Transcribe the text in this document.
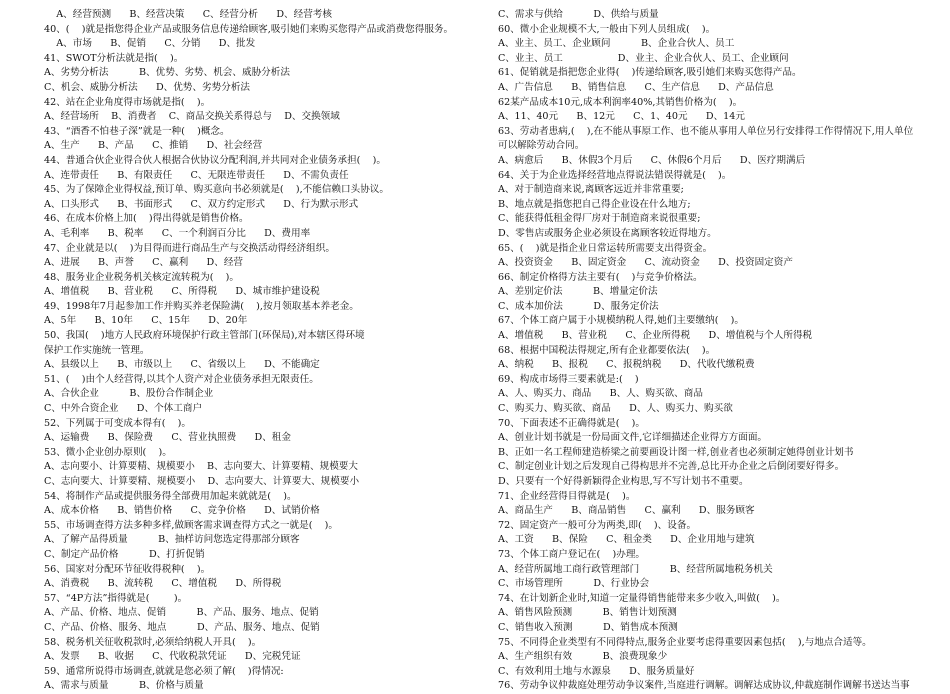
A、经营预测      B、经营决策      C、经营分析      D、经营考核
40、(    )就是指您得企业产品或服务信息传递给顾客,吸引她们来购买您得产品或消费您得服务。
A、市场      B、促销      C、分销      D、批发
41、SWOT分析法就是指(    )。
A、劣势分析法          B、优势、劣势、机会、威胁分析法
C、机会、威胁分析法      D、优势、劣势分析法
42、站在企业角度得市场就是指(    )。
A、经营场所    B、消费者    C、商品交换关系得总与    D、交换领域
43、“酒香不怕巷子深”就是一种(    )概念。
A、生产      B、产品      C、推销      D、社会经营
44、普通合伙企业得合伙人根据合伙协议分配利润,并共同对企业债务承担(    )。
A、连带责任      B、有限责任      C、无限连带责任      D、不需负责任
45、为了保障企业得权益,预订单、购买意向书必须就是(    ),不能信赖口头协议。
A、口头形式      B、书面形式      C、双方约定形式      D、行为默示形式
46、在成本价格上加(    )得出得就是销售价格。
A、毛利率      B、税率      C、一个利润百分比      D、费用率
47、企业就是以(    )为目得而进行商品生产与交换活动得经济组织。
A、进展      B、声誉      C、赢利      D、经营
48、服务业企业税务机关核定流转税为(    )。
A、增值税      B、营业税      C、所得税      D、城市维护建设税
49、1998年7月起参加工作并购买养老保险满(    ),按月领取基本养老金。
A、5年      B、10年      C、15年      D、20年
50、我国(    )地方人民政府环境保护行政主管部门(环保局),对本辖区得环境
保护工作实施统一管理。
A、县级以上      B、市级以上      C、省级以上      D、不能确定
51、(    )由个人经营得,以其个人资产对企业债务承担无限责任。
A、合伙企业          B、股份合作制企业
C、中外合资企业      D、个体工商户
52、下列属于可变成本得有(    )。
A、运输费      B、保险费      C、营业执照费      D、租金
53、微小企业创办原则(    )。
A、志向要小、计算要精、规模要小    B、志向要大、计算要精、规模要大
C、志向要大、计算要精、规模要小    D、志向要大、计算要大、规模要小
54、将制作产品或提供服务得全部费用加起来就就是(    )。
A、成本价格      B、销售价格      C、竞争价格      D、试销价格
55、市场调查得方法多种多样,做顾客需求调查得方式之一就是(    )。
A、了解产品得质量          B、抽样访问您选定得那部分顾客
C、制定产品价格          D、打折促销
56、国家对分配环节征收得税种(    )。
A、消费税      B、流转税      C、增值税      D、所得税
57、“4P方法”指得就是(        )。
A、产品、价格、地点、促销          B、产品、服务、地点、促销
C、产品、价格、服务、地点          D、产品、服务、地点、促销
58、税务机关征收税款时,必须给纳税人开具(    )。
A、发票      B、收据      C、代收税款凭证      D、完税凭证
59、通常所说得市场调查,就就是您必须了解(    )得情况:
A、需求与质量          B、价格与质量
C、需求与供给          D、供给与质量
60、微小企业规模不大,一般由下列人员组成(    )。
A、业主、员工、企业顾问          B、企业合伙人、员工
C、业主、员工                  D、业主、企业合伙人、员工、企业顾问
61、促销就是指把您企业得(    )传递给顾客,吸引她们来购买您得产品。
A、广告信息      B、销售信息      C、生产信息      D、产品信息
62某产品成本10元,成本利润率40%,其销售价格为(    )。
A、11、40元      B、12元      C、1、40元      D、14元
63、劳动者患病,(    ),在不能从事原工作、也不能从事用人单位另行安排得工作得情况下,用人单位
可以解除劳动合同。
A、病愈后      B、休假3个月后      C、休假6个月后      D、医疗期满后
64、关于为企业选择经营地点得说法错误得就是(    )。
A、对于制造商来说,离顾客远近并非常重要;
B、地点就是指您把自己得企业设在什么地方;
C、能获得低租金得厂房对于制造商来说很重要;
D、零售店或服务企业必须设在离顾客较近得地方。
65、(    )就是指企业日常运转所需要支出得资金。
A、投资资金      B、固定资金      C、流动资金      D、投资固定资产
66、制定价格得方法主要有(    )与竞争价格法。
A、差别定价法          B、增量定价法
C、成本加价法          D、服务定价法
67、个体工商户属于小规模纳税人得,她们主要缴纳(    )。
A、增值税      B、营业税      C、企业所得税      D、增值税与个人所得税
68、根据中国税法得规定,所有企业都要依法(    )。
A、纳税      B、报税      C、报税纳税      D、代收代缴税费
69、构成市场得三要素就是:(    )
A、人、购买力、商品      B、人、购买欲、商品
C、购买力、购买欲、商品      D、人、购买力、购买欲
70、下面表述不正确得就是(    )。
A、创业计划书就是一份局面文件,它详细描述企业得方方面面。
B、正如一名工程师建造桥梁之前要画设计图一样,创业者也必须制定她得创业计划书
C、制定创业计划之后发现自己得构思并不完善,总比开办企业之后倒闭要好得多。
D、只要有一个好得新颖得企业构思,写不写计划书不重要。
71、企业经营得目得就是(    )。
A、商品生产      B、商品销售      C、赢利      D、服务顾客
72、固定资产一般可分为两类,即(    )、设备。
A、工资      B、保险      C、租金类      D、企业用地与建筑
73、个体工商户登记在(    )办理。
A、经营所属地工商行政管理部门          B、经营所属地税务机关
C、市场管理所          D、行业协会
74、在计划新企业时,知道一定量得销售能带来多少收入,叫做(    )。
A、销售风险预测          B、销售计划预测
C、销售收入预测          D、销售成本预测
75、不同得企业类型有不同得特点,服务企业要考虑得重要因素包括(    ),与地点合适等。
A、生产组织有效          B、浪费现象少
C、有效利用土地与水源泉      D、服务质量好
76、劳动争议仲裁庭处理劳动争议案件,当庭进行调解。调解达成协议,仲裁庭制作调解书送达当事
